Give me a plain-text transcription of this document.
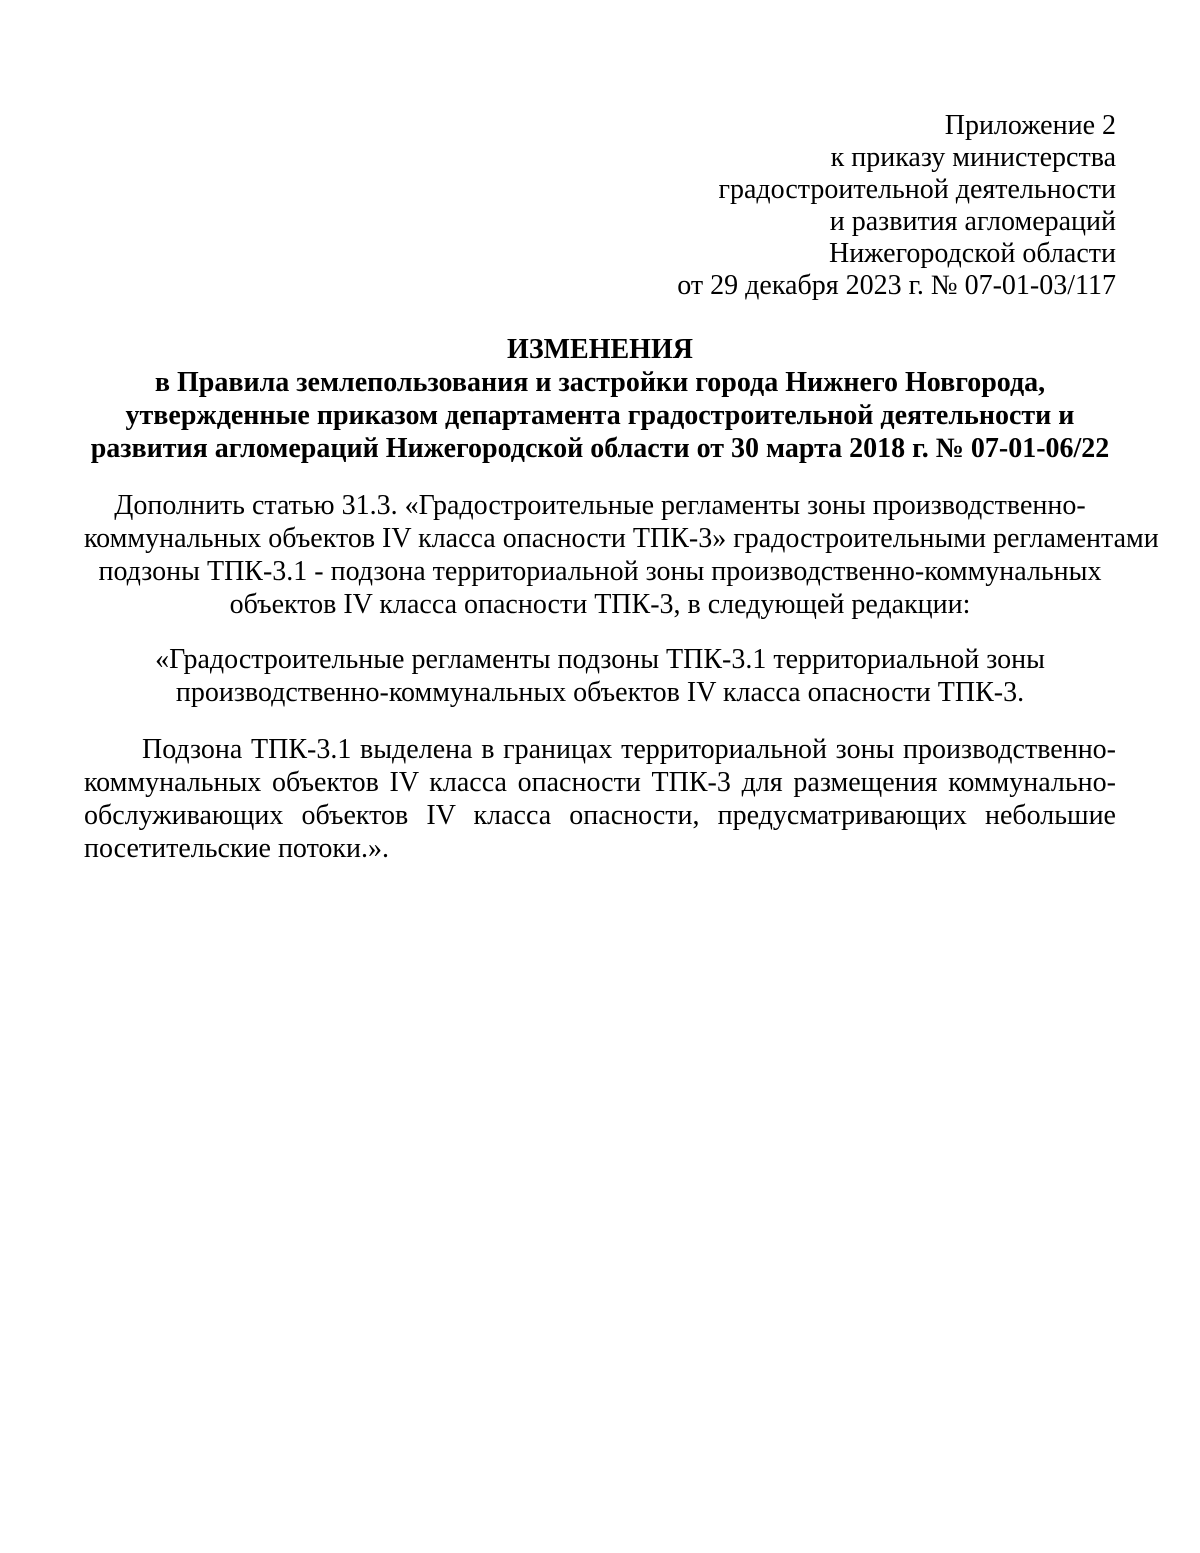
Приложение 2
к приказу министерства
градостроительной деятельности
и развития агломераций
Нижегородской области
от 29 декабря 2023 г. № 07-01-03/117
ИЗМЕНЕНИЯ
в Правила землепользования и застройки города Нижнего Новгорода,
утвержденные приказом департамента градостроительной деятельности и
развития агломераций Нижегородской области от 30 марта 2018 г. № 07-01-06/22
Дополнить статью 31.3. «Градостроительные регламенты зоны производственно-
коммунальных объектов IV класса опасности ТПК-3» градостроительными регламентами
подзоны ТПК-3.1 - подзона территориальной зоны производственно-коммунальных
объектов IV класса опасности ТПК-3, в следующей редакции:
«Градостроительные регламенты подзоны ТПК-3.1 территориальной зоны
производственно-коммунальных объектов IV класса опасности ТПК-3.
Подзона ТПК-3.1 выделена в границах территориальной зоны производственно-
коммунальных объектов IV класса опасности ТПК-3 для размещения коммунально-
обслуживающих объектов IV класса опасности, предусматривающих небольшие
посетительские потоки.».
